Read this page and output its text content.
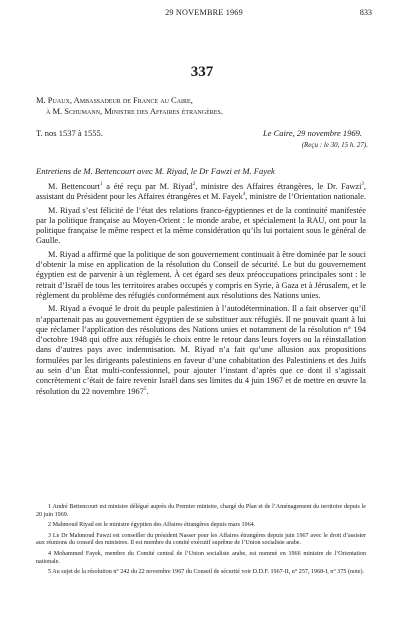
29 NOVEMBRE 1969	833
337
M. Puaux, Ambassadeur de France au Caire,
à M. Schumann, Ministre des Affaires étrangères.
T. nos 1537 à 1555.	Le Caire, 29 novembre 1969.
(Reçu : le 30, 15 h. 27).
Entretiens de M. Bettencourt avec M. Riyad, le Dr Fawzi et M. Fayek

M. Bettencourt$^1$ a été reçu par M. Riyad$^2$, ministre des Affaires étrangères, le Dr. Fawzi$^3$, assistant du Président pour les Affaires étrangères et M. Fayek$^4$, ministre de l’Orientation nationale.

M. Riyad s’est félicité de l’état des relations franco-égyptiennes et de la continuité manifestée par la politique française au Moyen-Orient : le monde arabe, et spécialement la RAU, ont pour la politique française le même respect et la même considération qu’ils lui portaient sous le général de Gaulle.

M. Riyad a affirmé que la politique de son gouvernement continuait à être dominée par le souci d’obtenir la mise en application de la résolution du Conseil de sécurité. Le but du gouvernement égyptien est de parvenir à un règlement. À cet égard ses deux préoccupations principales sont : le retrait d’Israël de tous les territoires arabes occupés y compris en Syrie, à Gaza et à Jérusalem, et le règlement du problème des réfugiés conformément aux résolutions des Nations unies.

M. Riyad a évoqué le droit du peuple palestinien à l’autodétermination. Il a fait observer qu’il n’appartenait pas au gouvernement égyptien de se substituer aux réfugiés. Il ne pouvait quant à lui que réclamer l’application des résolutions des Nations unies et notamment de la résolution n° 194 d’octobre 1948 qui offre aux réfugiés le choix entre le retour dans leurs foyers ou la réinstallation dans d’autres pays avec indemnisation. M. Riyad n’a fait qu’une allusion aux propositions formulées par les dirigeants palestiniens en faveur d’une cohabitation des Palestiniens et des Juifs au sein d’un État multi-confessionnel, pour ajouter l’instant d’après que ce dont il s’agissait concrètement c’était de faire revenir Israël dans ses limites du 4 juin 1967 et de mettre en œuvre la résolution du 22 novembre 1967$^5$.

1 André Bettencourt est ministre délégué auprès du Premier ministre, chargé du Plan et de l’Aménagement du territoire depuis le 20 juin 1969.

2 Mahmoud Riyad est le ministre égyptien des Affaires étrangères depuis mars 1964.

3 Le Dr Mahmoud Fawzi est conseiller du président Nasser pour les Affaires étrangères depuis juin 1967 avec le droit d’assister aux réunions du conseil des ministres. Il est membre du comité exécutif suprême de l’Union socialiste arabe.

4 Mohammed Fayek, membre du Comité central de l’Union socialiste arabe, est nommé en 1966 ministre de l’Orientation nationale.

5 Au sujet de la résolution n° 242 du 22 novembre 1967 du Conseil de sécurité voir D.D.F. 1967-II, n° 257, 1968-I, n° 375 (note).
